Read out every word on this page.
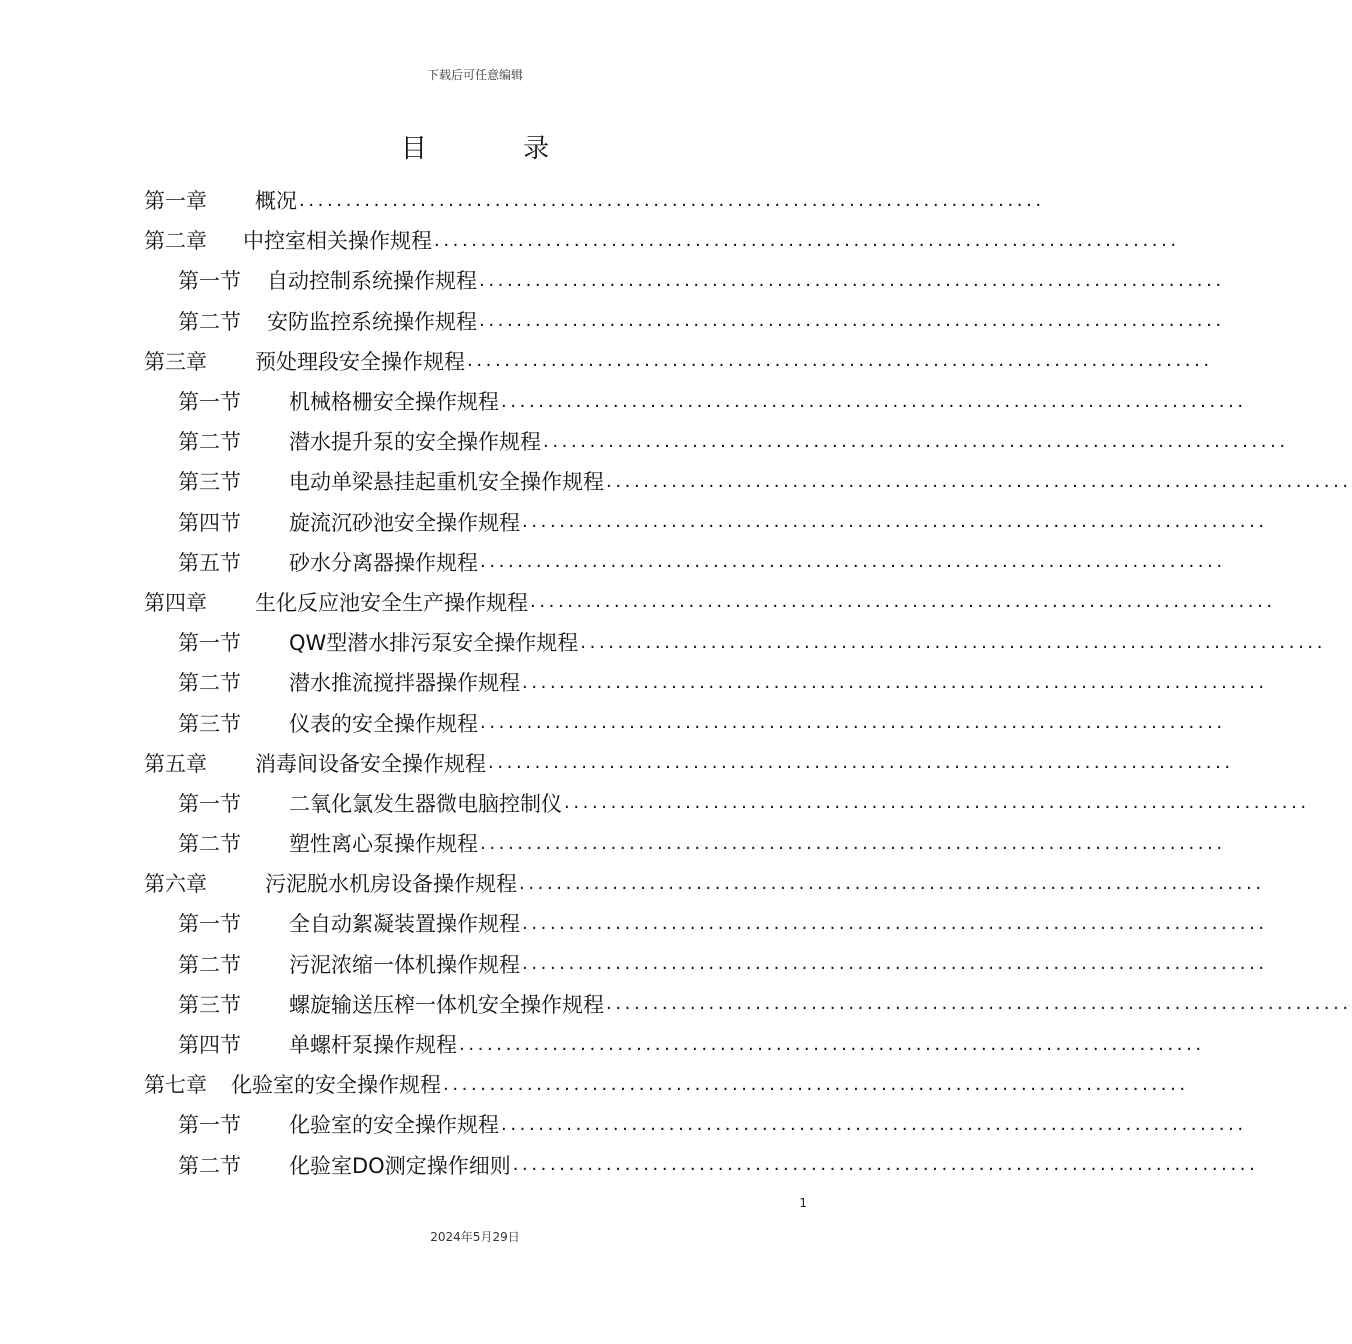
下载后可任意编辑
目 录
第一章 概况 ................................................................................
第二章 中控室相关操作规程 ................................................................................
第一节 自动控制系统操作规程 ................................................................................
第二节 安防监控系统操作规程 ................................................................................
第三章 预处理段安全操作规程 ................................................................................
第一节 机械格栅安全操作规程 ................................................................................
第二节 潜水提升泵的安全操作规程 ................................................................................
第三节 电动单梁悬挂起重机安全操作规程 ................................................................................
第四节 旋流沉砂池安全操作规程 ................................................................................
第五节 砂水分离器操作规程 ................................................................................
第四章 生化反应池安全生产操作规程 ................................................................................
第一节 QW型潜水排污泵安全操作规程 ................................................................................
第二节 潜水推流搅拌器操作规程 ................................................................................
第三节 仪表的安全操作规程 ................................................................................
第五章 消毒间设备安全操作规程 ................................................................................
第一节 二氧化氯发生器微电脑控制仪 ................................................................................
第二节 塑性离心泵操作规程 ................................................................................
第六章	污泥脱水机房设备操作规程 ................................................................................
第一节 全自动絮凝装置操作规程 ................................................................................
第二节 污泥浓缩一体机操作规程 ................................................................................
第三节 螺旋输送压榨一体机安全操作规程 ................................................................................
第四节 单螺杆泵操作规程 ................................................................................
第七章 化验室的安全操作规程 ................................................................................
第一节 化验室的安全操作规程 ................................................................................
第二节 化验室DO测定操作细则 ................................................................................
1
2024年5月29日
